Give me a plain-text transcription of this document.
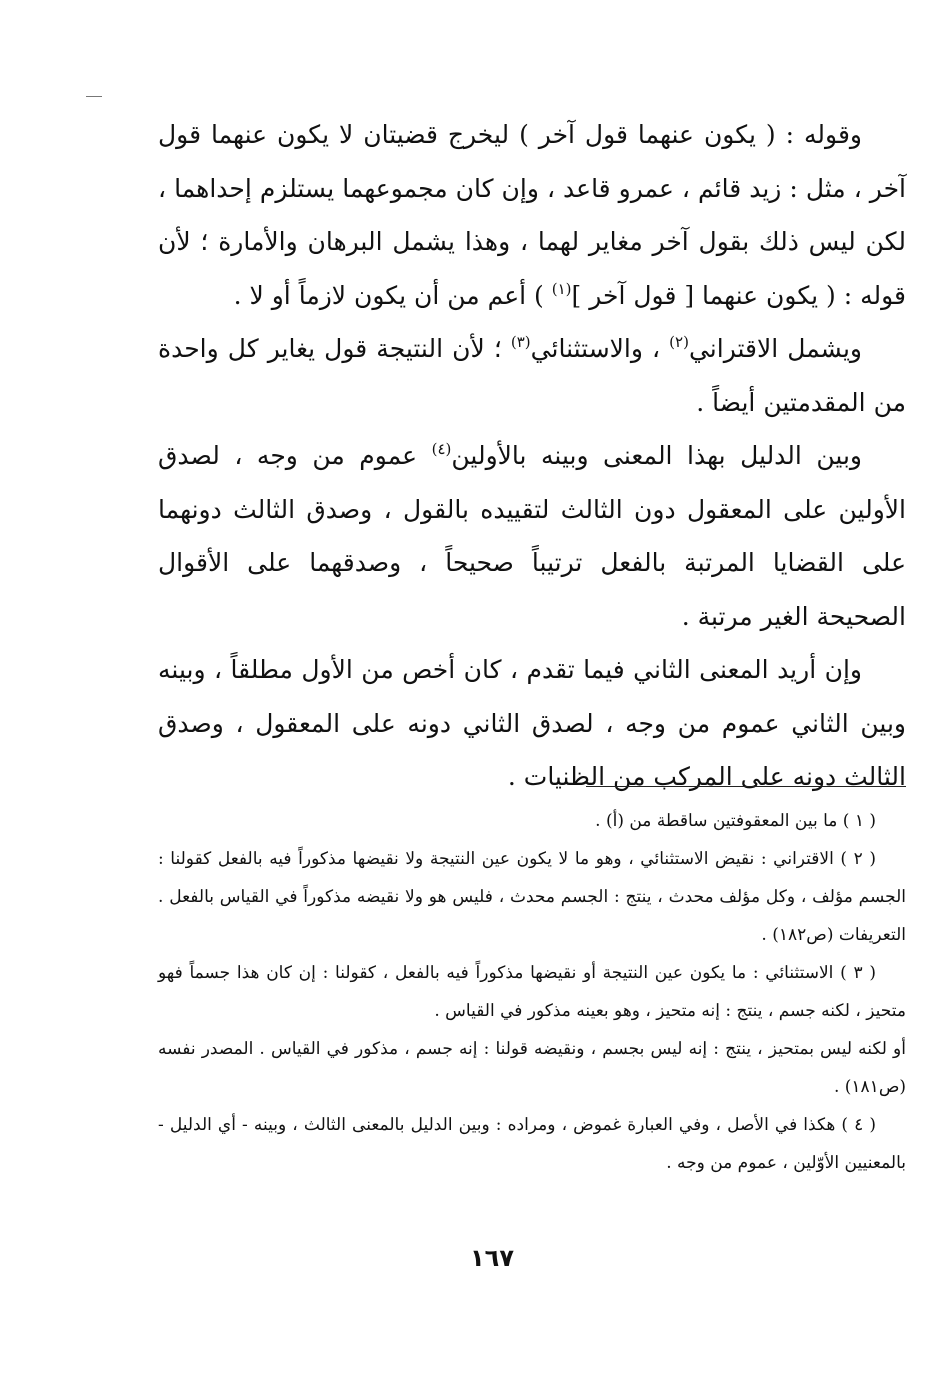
وقوله : ( يكون عنهما قول آخر ) ليخرج قضيتان لا يكون عنهما قول آخر ، مثل : زيد قائم ، عمرو قاعد ، وإن كان مجموعهما يستلزم إحداهما ، لكن ليس ذلك بقول آخر مغاير لهما ، وهذا يشمل البرهان والأمارة ؛ لأن قوله : ( يكون عنهما [ قول آخر ]$^{(١)}$ ) أعم من أن يكون لازماً أو لا .

ويشمل الاقتراني$^{(٢)}$ ، والاستثنائي$^{(٣)}$ ؛ لأن النتيجة قول يغاير كل واحدة من المقدمتين أيضاً .

وبين الدليل بهذا المعنى وبينه بالأولين$^{(٤)}$ عموم من وجه ، لصدق الأولين على المعقول دون الثالث لتقييده بالقول ، وصدق الثالث دونهما على القضايا المرتبة بالفعل ترتيباً صحيحاً ، وصدقهما على الأقوال الصحيحة الغير مرتبة .

وإن أريد المعنى الثاني فيما تقدم ، كان أخص من الأول مطلقاً ، وبينه وبين الثاني عموم من وجه ، لصدق الثاني دونه على المعقول ، وصدق الثالث دونه على المركب من الظنيات .

( ١ ) ما بين المعقوفتين ساقطة من (أ) .

( ٢ ) الاقتراني : نقيض الاستثنائي ، وهو ما لا يكون عين النتيجة ولا نقيضها مذكوراً فيه بالفعل كقولنا : الجسم مؤلف ، وكل مؤلف محدث ، ينتج : الجسم محدث ، فليس هو ولا نقيضه مذكوراً في القياس بالفعل . التعريفات (ص١٨٢) .

( ٣ ) الاستثنائي : ما يكون عين النتيجة أو نقيضها مذكوراً فيه بالفعل ، كقولنا : إن كان هذا جسماً فهو متحيز ، لكنه جسم ، ينتج : إنه متحيز ، وهو بعينه مذكور في القياس .

أو لكنه ليس بمتحيز ، ينتج : إنه ليس بجسم ، ونقيضه قولنا : إنه جسم ، مذكور في القياس . المصدر نفسه (ص١٨١) .

( ٤ ) هكذا في الأصل ، وفي العبارة غموض ، ومراده : وبين الدليل بالمعنى الثالث ، وبينه - أي الدليل - بالمعنيين الأوّلين ، عموم من وجه .

١٦٧
